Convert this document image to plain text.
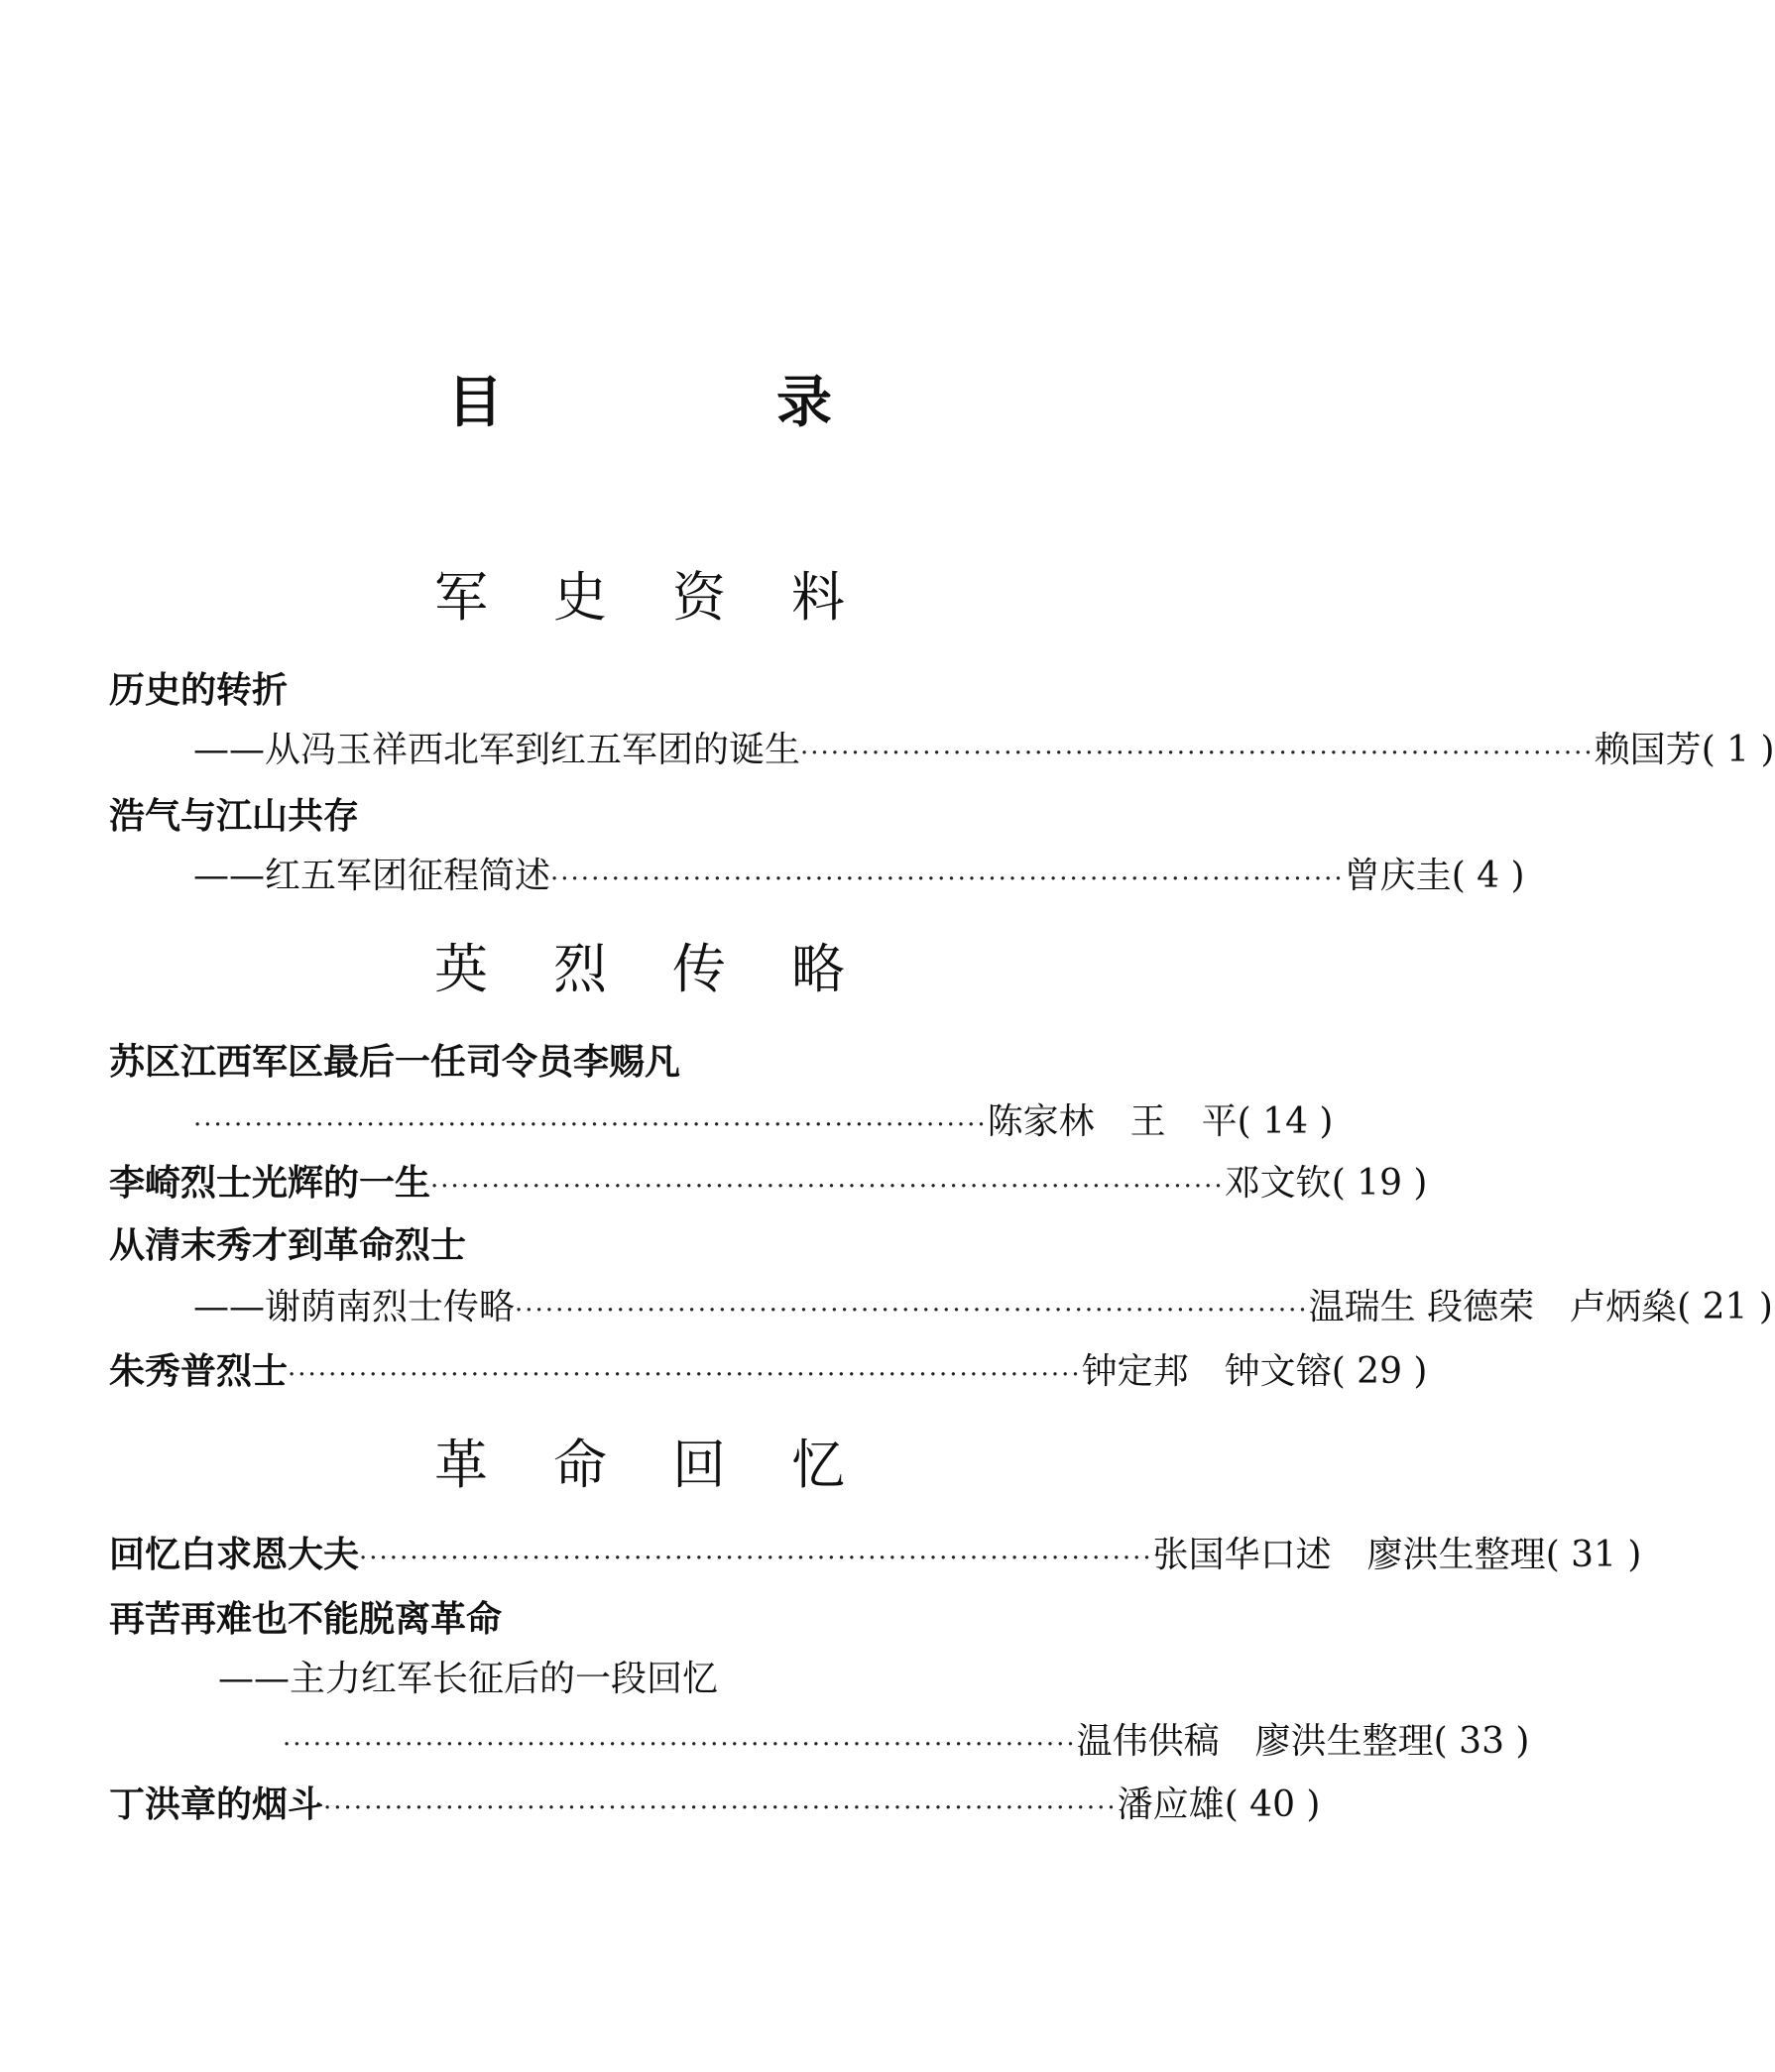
目　录
军史资料
历史的转折
——从冯玉祥西北军到红五军团的诞生 ·············································································· 赖国芳 ( 1 )
浩气与江山共存
——红五军团征程简述 ·············································································· 曾庆圭 ( 4 )
英烈传略
苏区江西军区最后一任司令员李赐凡
·············································································· 陈家林　王　平 ( 14 )
李崎烈士光辉的一生 ·············································································· 邓文钦 ( 19 )
从清末秀才到革命烈士
——谢荫南烈士传略 ·············································································· 温瑞生 段德荣　卢炳燊 ( 21 )
朱秀普烈士 ·············································································· 钟定邦　钟文镕 ( 29 )
革命回忆
回忆白求恩大夫 ·············································································· 张国华口述　廖洪生整理 ( 31 )
再苦再难也不能脱离革命
——主力红军长征后的一段回忆
·············································································· 温伟供稿　廖洪生整理 ( 33 )
丁洪章的烟斗 ·············································································· 潘应雄 ( 40 )
